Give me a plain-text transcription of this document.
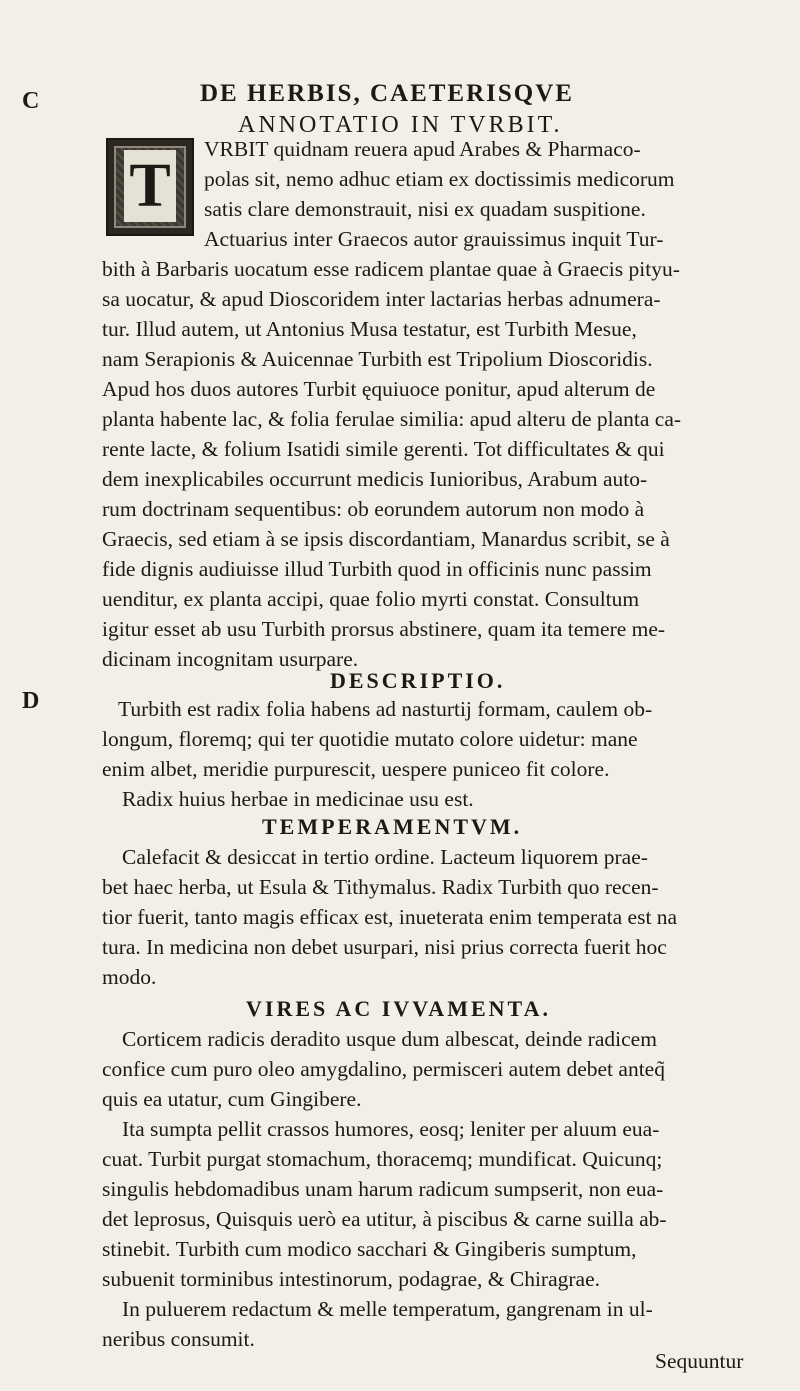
DE HERBIS, CAETERISQVE
C
D
ANNOTATIO IN TVRBIT.
T
VRBIT quidnam reuera apud Arabes & Pharmaco-
polas sit, nemo adhuc etiam ex doctissimis medicorum
satis clare demonstrauit, nisi ex quadam suspitione.
Actuarius inter Graecos autor grauissimus inquit Tur-
bith à Barbaris uocatum esse radicem plantae quae à Graecis pityu-
sa uocatur, & apud Dioscoridem inter lactarias herbas adnumera-
tur. Illud autem, ut Antonius Musa testatur, est Turbith Mesue,
nam Serapionis & Auicennae Turbith est Tripolium Dioscoridis.
Apud hos duos autores Turbit ęquiuoce ponitur, apud alterum de
planta habente lac, & folia ferulae similia: apud alteru de planta ca-
rente lacte, & folium Isatidi simile gerenti. Tot difficultates & qui
dem inexplicabiles occurrunt medicis Iunioribus, Arabum auto-
rum doctrinam sequentibus: ob eorundem autorum non modo à
Graecis, sed etiam à se ipsis discordantiam, Manardus scribit, se à
fide dignis audiuisse illud Turbith quod in officinis nunc passim
uenditur, ex planta accipi, quae folio myrti constat. Consultum
igitur esset ab usu Turbith prorsus abstinere, quam ita temere me-
dicinam incognitam usurpare.
DESCRIPTIO.
Turbith est radix folia habens ad nasturtij formam, caulem ob-
longum, floremq; qui ter quotidie mutato colore uidetur: mane
enim albet, meridie purpurescit, uespere puniceo fit colore.
Radix huius herbae in medicinae usu est.
TEMPERAMENTVM.
Calefacit & desiccat in tertio ordine. Lacteum liquorem prae-
bet haec herba, ut Esula & Tithymalus. Radix Turbith quo recen-
tior fuerit, tanto magis efficax est, inueterata enim temperata est na
tura. In medicina non debet usurpari, nisi prius correcta fuerit hoc
modo.
VIRES AC IVVAMENTA.
Corticem radicis deradito usque dum albescat, deinde radicem
confice cum puro oleo amygdalino, permisceri autem debet anteq̃
quis ea utatur, cum Gingibere.
Ita sumpta pellit crassos humores, eosq; leniter per aluum eua-
cuat. Turbit purgat stomachum, thoracemq; mundificat. Quicunq;
singulis hebdomadibus unam harum radicum sumpserit, non eua-
det leprosus, Quisquis uerò ea utitur, à piscibus & carne suilla ab-
stinebit. Turbith cum modico sacchari & Gingiberis sumptum,
subuenit torminibus intestinorum, podagrae, & Chiragrae.
In puluerem redactum & melle temperatum, gangrenam in ul-
neribus consumit.
Sequuntur
